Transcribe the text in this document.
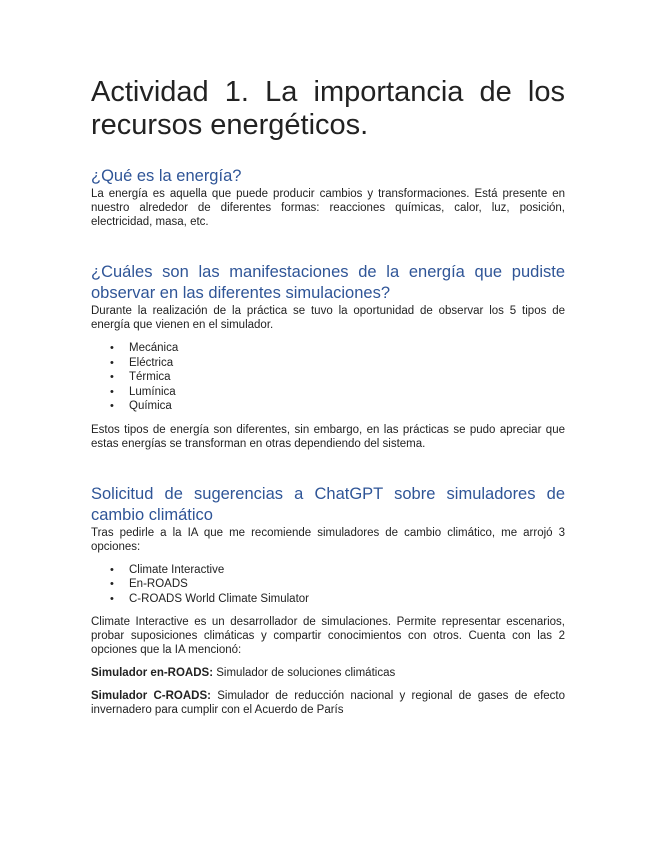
Actividad 1. La importancia de los recursos energéticos.
¿Qué es la energía?

La energía es aquella que puede producir cambios y transformaciones. Está presente en nuestro alrededor de diferentes formas: reacciones químicas, calor, luz, posición, electricidad, masa, etc.

¿Cuáles son las manifestaciones de la energía que pudiste observar en las diferentes simulaciones?

Durante la realización de la práctica se tuvo la oportunidad de observar los 5 tipos de energía que vienen en el simulador.

• Mecánica
• Eléctrica
• Térmica
• Lumínica
• Química

Estos tipos de energía son diferentes, sin embargo, en las prácticas se pudo apreciar que estas energías se transforman en otras dependiendo del sistema.

Solicitud de sugerencias a ChatGPT sobre simuladores de cambio climático

Tras pedirle a la IA que me recomiende simuladores de cambio climático, me arrojó 3 opciones:

• Climate Interactive
• En-ROADS
• C-ROADS World Climate Simulator

Climate Interactive es un desarrollador de simulaciones. Permite representar escenarios, probar suposiciones climáticas y compartir conocimientos con otros. Cuenta con las 2 opciones que la IA mencionó:

Simulador en-ROADS: Simulador de soluciones climáticas

Simulador C-ROADS: Simulador de reducción nacional y regional de gases de efecto invernadero para cumplir con el Acuerdo de París
